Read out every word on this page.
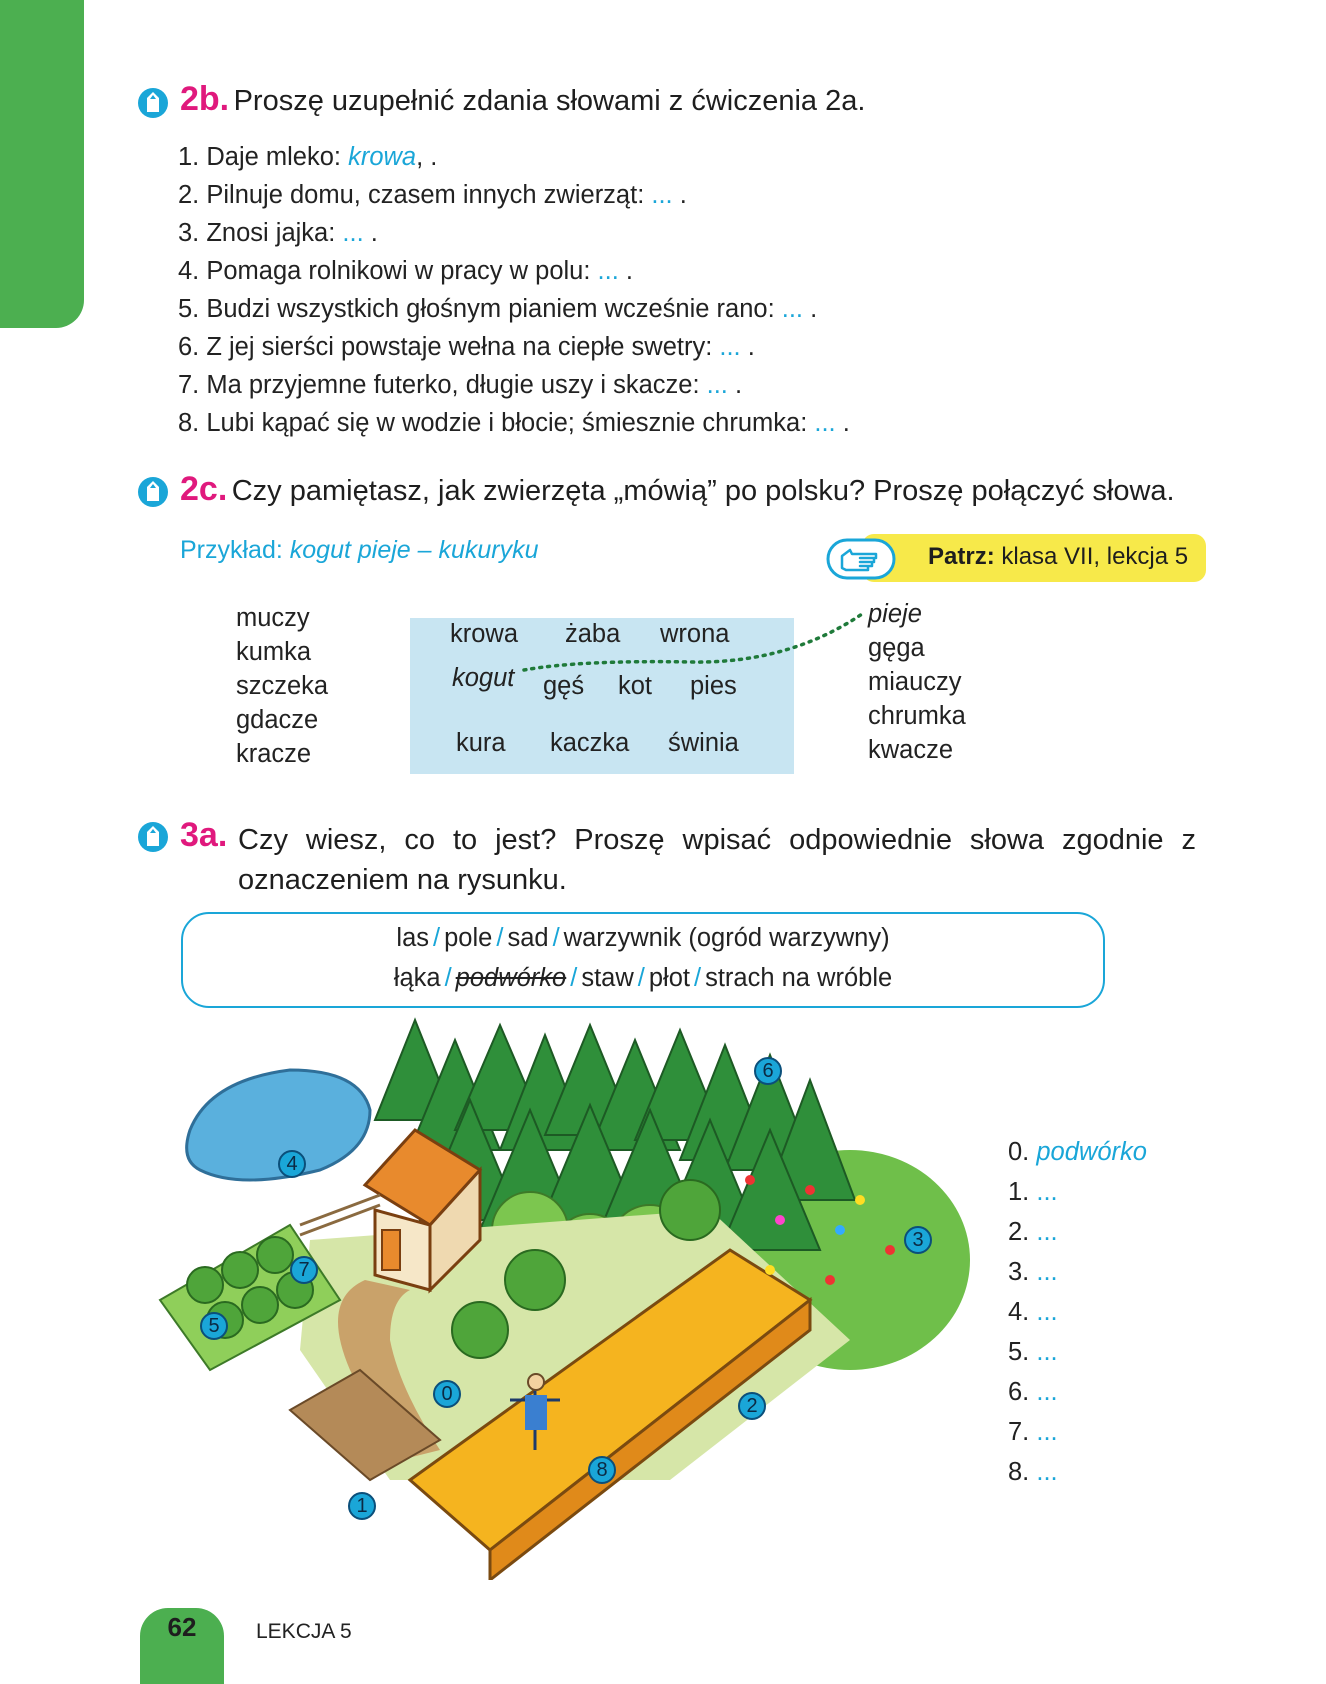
2b. Proszę uzupełnić zdania słowami z ćwiczenia 2a.
1. Daje mleko: krowa, .
2. Pilnuje domu, czasem innych zwierząt: ... .
3. Znosi jajka: ... .
4. Pomaga rolnikowi w pracy w polu: ... .
5. Budzi wszystkich głośnym pianiem wcześnie rano: ... .
6. Z jej sierści powstaje wełna na ciepłe swetry: ... .
7. Ma przyjemne futerko, długie uszy i skacze: ... .
8. Lubi kąpać się w wodzie i błocie; śmiesznie chrumka: ... .
2c. Czy pamiętasz, jak zwierzęta „mówią” po polsku? Proszę połączyć słowa.
Przykład: kogut pieje – kukuryku	Patrz: klasa VII, lekcja 5
muczy
kumka
szczeka
gdacze
kracze
krowa żaba wrona
kogut gęś kot pies
kura kaczka świnia
pieje
gęga
miauczy
chrumka
kwacze
3a. Czy wiesz, co to jest? Proszę wpisać odpowiednie słowa zgodnie z
oznaczeniem na rysunku.
las / pole / sad / warzywnik (ogród warzywny)
łąka / podwórko / staw / płot / strach na wróble
0. podwórko
1. ...
2. ...
3. ...
4. ...
5. ...
6. ...
7. ...
8. ...
62	LEKCJA 5
0
1
2
3
4
5
6
7
8
